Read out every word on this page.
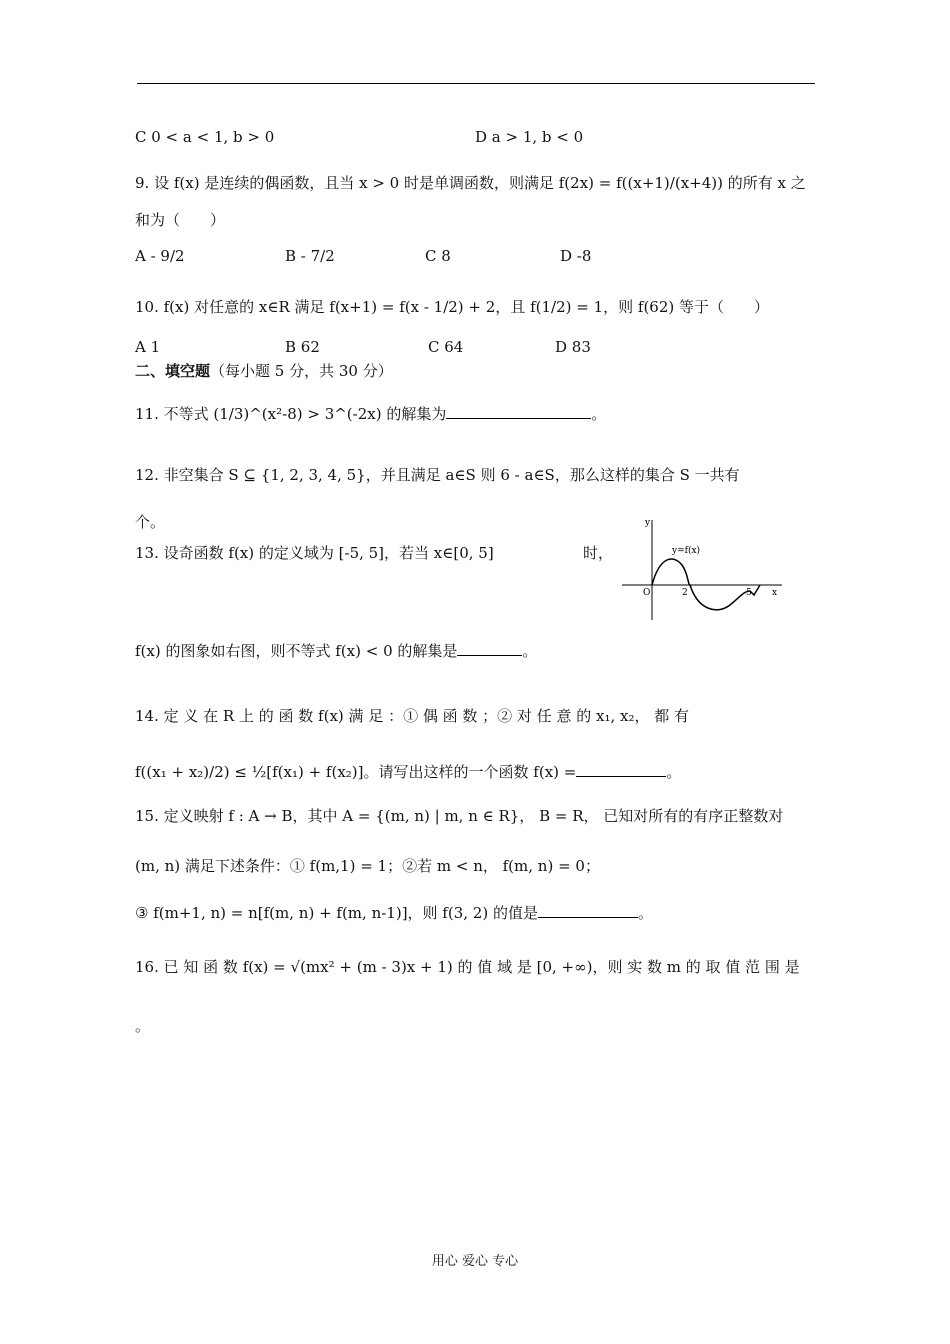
C 0 < a < 1, b > 0	D a > 1, b < 0
9. 设 f(x) 是连续的偶函数，且当 x > 0 时是单调函数，则满足 f(2x) = f((x+1)/(x+4)) 的所有 x 之
和为（　　）
A - 9/2	B - 7/2	C 8	D -8
10. f(x) 对任意的 x∈R 满足 f(x+1) = f(x - 1/2) + 2，且 f(1/2) = 1，则 f(62) 等于（　　）
A 1	B 62	C 64	D 83
二、填空题（每小题 5 分，共 30 分）
11. 不等式 (1/3)^(x²-8) > 3^(-2x) 的解集为	。
12. 非空集合 S ⊆ {1, 2, 3, 4, 5}，并且满足 a∈S 则 6 - a∈S，那么这样的集合 S 一共有
个。
13. 设奇函数 f(x) 的定义域为 [-5, 5]，若当 x∈[0, 5]	时，
y
x
O	2	5
y=f(x)
f(x) 的图象如右图，则不等式 f(x) < 0 的解集是	。
14. 定 义 在 R 上 的 函 数 f(x) 满 足 ：① 偶 函 数 ；② 对 任 意 的 x₁, x₂， 都 有
f((x₁ + x₂)/2) ≤ ½[f(x₁) + f(x₂)]。请写出这样的一个函数 f(x) =	。
15. 定义映射 f : A → B，其中 A = {(m, n) | m, n ∈ R}， B = R， 已知对所有的有序正整数对
(m, n) 满足下述条件：① f(m,1) = 1；②若 m < n， f(m, n) = 0；
③ f(m+1, n) = n[f(m, n) + f(m, n-1)]，则 f(3, 2) 的值是	。
16. 已 知 函 数 f(x) = √(mx² + (m - 3)x + 1) 的 值 域 是 [0, +∞)，则 实 数 m 的 取 值 范 围 是
。
用心 爱心 专心
